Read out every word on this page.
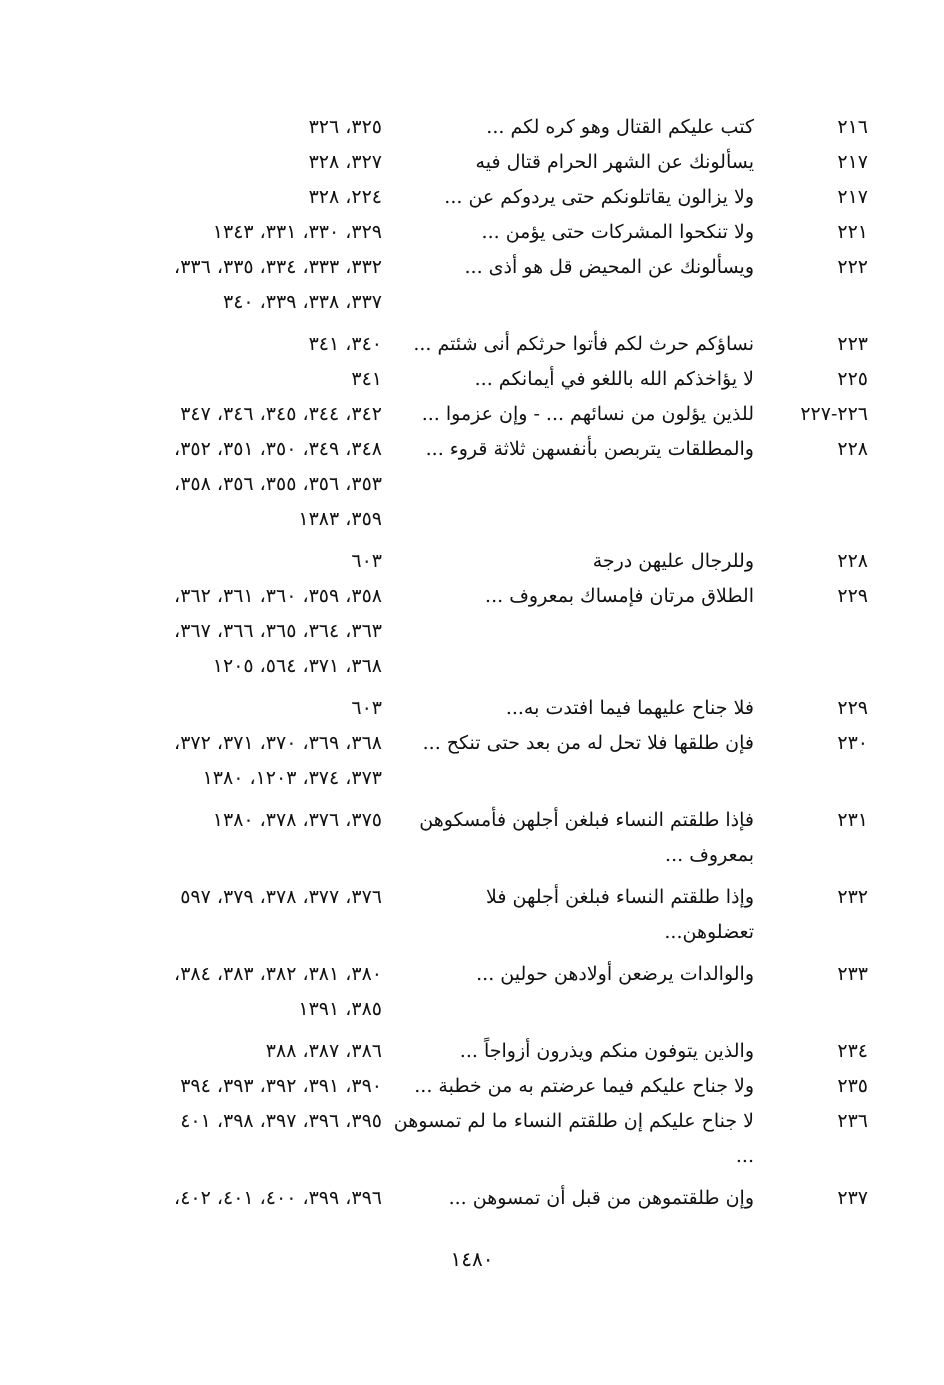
٢١٦
كتب عليكم القتال وهو كره لكم ...
٣٢٥، ٣٢٦
٢١٧
يسألونك عن الشهر الحرام قتال فيه
٣٢٧، ٣٢٨
٢١٧
ولا يزالون يقاتلونكم حتى يردوكم عن ...
٢٢٤، ٣٢٨
٢٢١
ولا تنكحوا المشركات حتى يؤمن ...
٣٢٩، ٣٣٠، ٣٣١، ١٣٤٣
٢٢٢
ويسألونك عن المحيض قل هو أذى ...
٣٣٢، ٣٣٣، ٣٣٤، ٣٣٥، ٣٣٦،
٣٣٧، ٣٣٨، ٣٣٩، ٣٤٠
٢٢٣
نساؤكم حرث لكم فأتوا حرثكم أنى شئتم ...
٣٤٠، ٣٤١
٢٢٥
لا يؤاخذكم الله باللغو في أيمانكم ...
٣٤١
٢٢٦-٢٢٧
للذين يؤلون من نسائهم ... - وإن عزموا ...
٣٤٢، ٣٤٤، ٣٤٥، ٣٤٦، ٣٤٧
٢٢٨
والمطلقات يتربصن بأنفسهن ثلاثة قروء ...
٣٤٨، ٣٤٩، ٣٥٠، ٣٥١، ٣٥٢،
٣٥٣، ٣٥٦، ٣٥٥، ٣٥٦، ٣٥٨،
٣٥٩، ١٣٨٣
٢٢٨
وللرجال عليهن درجة
٦٠٣
٢٢٩
الطلاق مرتان فإمساك بمعروف ...
٣٥٨، ٣٥٩، ٣٦٠، ٣٦١، ٣٦٢،
٣٦٣، ٣٦٤، ٣٦٥، ٣٦٦، ٣٦٧،
٣٦٨، ٣٧١، ٥٦٤، ١٢٠٥
٢٢٩
فلا جناح عليهما فيما افتدت به...
٦٠٣
٢٣٠
فإن طلقها فلا تحل له من بعد حتى تنكح ...
٣٦٨، ٣٦٩، ٣٧٠، ٣٧١، ٣٧٢،
٣٧٣، ٣٧٤، ١٢٠٣، ١٣٨٠
٢٣١
فإذا طلقتم النساء فبلغن أجلهن فأمسكوهن
بمعروف ...
٣٧٥، ٣٧٦، ٣٧٨، ١٣٨٠
٢٣٢
وإذا طلقتم النساء فبلغن أجلهن فلا
تعضلوهن...
٣٧٦، ٣٧٧، ٣٧٨، ٣٧٩، ٥٩٧
٢٣٣
والوالدات يرضعن أولادهن حولين ...
٣٨٠، ٣٨١، ٣٨٢، ٣٨٣، ٣٨٤،
٣٨٥، ١٣٩١
٢٣٤
والذين يتوفون منكم ويذرون أزواجاً ...
٣٨٦، ٣٨٧، ٣٨٨
٢٣٥
ولا جناح عليكم فيما عرضتم به من خطبة ...
٣٩٠، ٣٩١، ٣٩٢، ٣٩٣، ٣٩٤
٢٣٦
لا جناح عليكم إن طلقتم النساء ما لم تمسوهن
...
٣٩٥، ٣٩٦، ٣٩٧، ٣٩٨، ٤٠١
٢٣٧
وإن طلقتموهن من قبل أن تمسوهن ...
٣٩٦، ٣٩٩، ٤٠٠، ٤٠١، ٤٠٢،
١٤٨٠
